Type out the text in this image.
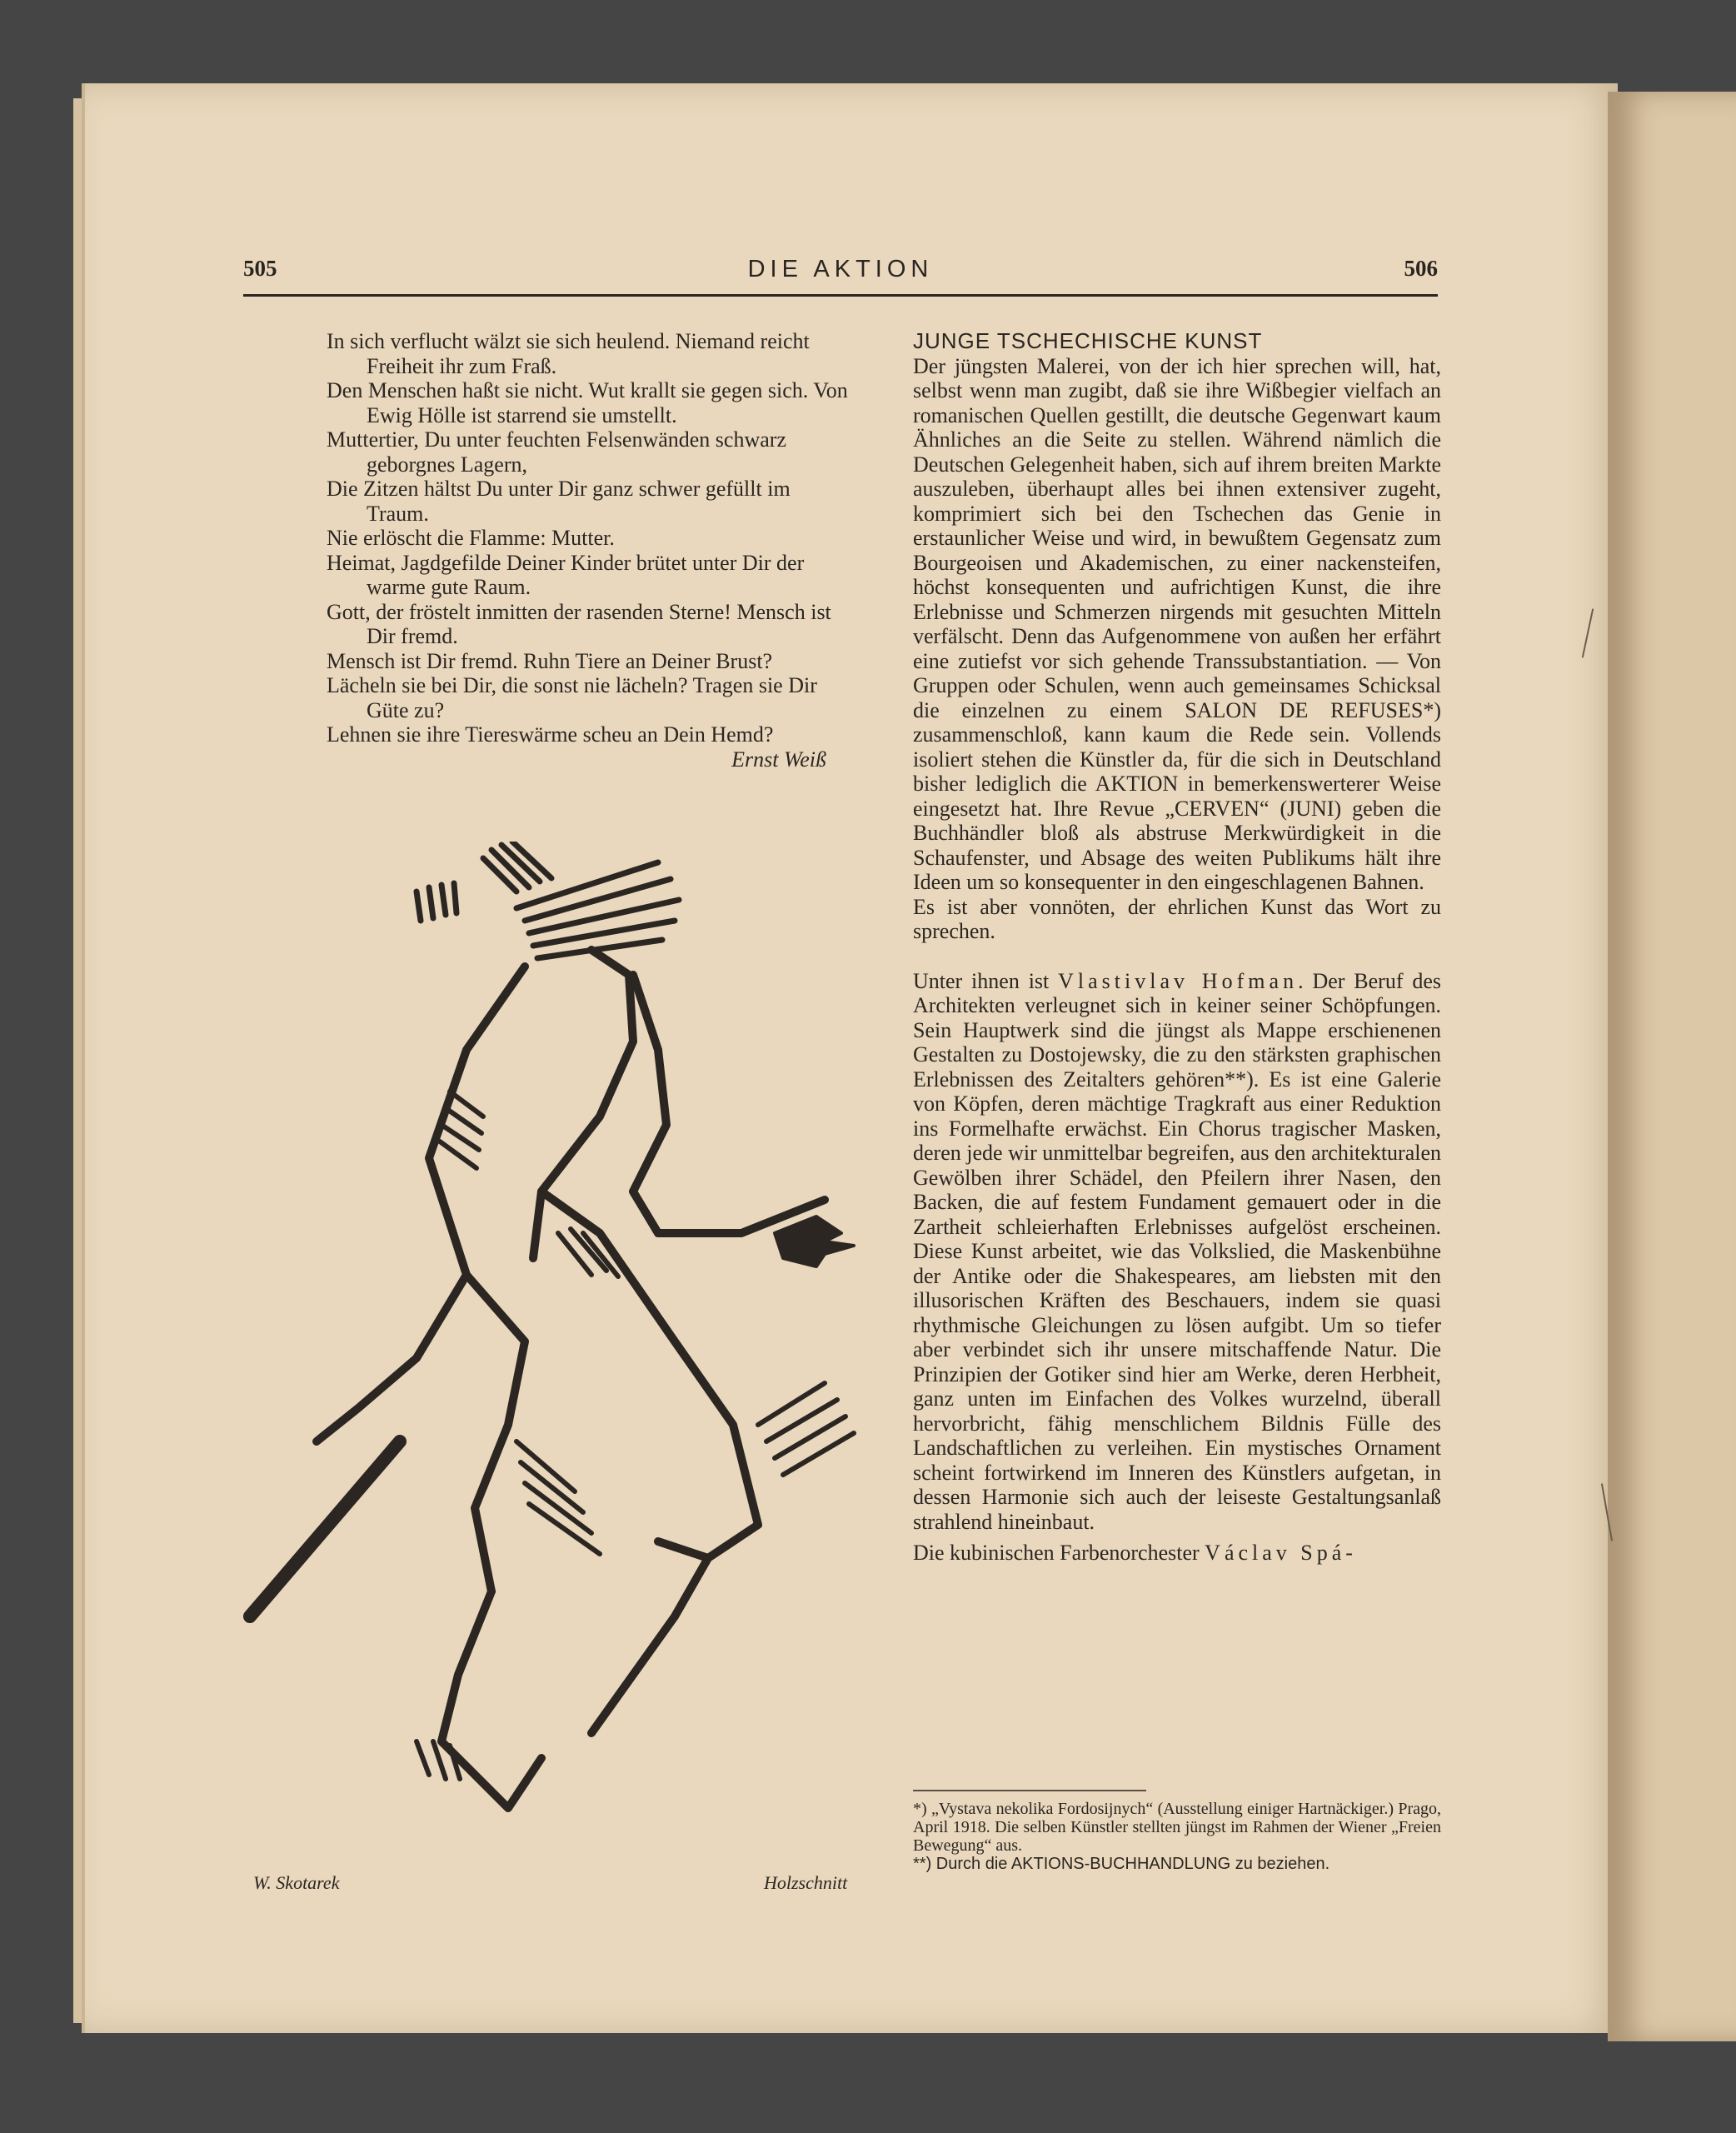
505	DIE AKTION	506
In sich verflucht wälzt sie sich heulend. Niemand reicht Freiheit ihr zum Fraß.
Den Menschen haßt sie nicht. Wut krallt sie gegen sich. Von Ewig Hölle ist starrend sie umstellt.
Muttertier, Du unter feuchten Felsenwänden schwarz geborgnes Lagern,
Die Zitzen hältst Du unter Dir ganz schwer gefüllt im Traum.
Nie erlöscht die Flamme: Mutter.
Heimat, Jagdgefilde Deiner Kinder brütet unter Dir der warme gute Raum.
Gott, der fröstelt inmitten der rasenden Sterne! Mensch ist Dir fremd.
Mensch ist Dir fremd. Ruhn Tiere an Deiner Brust?
Lächeln sie bei Dir, die sonst nie lächeln? Tragen sie Dir Güte zu?
Lehnen sie ihre Tiereswärme scheu an Dein Hemd?
Ernst Weiß
W. Skotarek	Holzschnitt
JUNGE TSCHECHISCHE KUNST

Der jüngsten Malerei, von der ich hier sprechen will, hat, selbst wenn man zugibt, daß sie ihre Wißbegier vielfach an romanischen Quellen gestillt, die deutsche Gegenwart kaum Ähnliches an die Seite zu stellen. Während nämlich die Deutschen Gelegenheit haben, sich auf ihrem breiten Markte auszuleben, überhaupt alles bei ihnen extensiver zugeht, komprimiert sich bei den Tschechen das Genie in erstaunlicher Weise und wird, in bewußtem Gegensatz zum Bourgeoisen und Akademischen, zu einer nackensteifen, höchst konsequenten und aufrichtigen Kunst, die ihre Erlebnisse und Schmerzen nirgends mit gesuchten Mitteln verfälscht. Denn das Aufgenommene von außen her erfährt eine zutiefst vor sich gehende Transsubstantiation. — Von Gruppen oder Schulen, wenn auch gemeinsames Schicksal die einzelnen zu einem SALON DE REFUSES*) zusammenschloß, kann kaum die Rede sein. Vollends isoliert stehen die Künstler da, für die sich in Deutschland bisher lediglich die AKTION in bemerkenswerterer Weise eingesetzt hat. Ihre Revue „CERVEN“ (JUNI) geben die Buchhändler bloß als abstruse Merkwürdigkeit in die Schaufenster, und Absage des weiten Publikums hält ihre Ideen um so konsequenter in den eingeschlagenen Bahnen.

Es ist aber vonnöten, der ehrlichen Kunst das Wort zu sprechen.

Unter ihnen ist Vlastivlav Hofman. Der Beruf des Architekten verleugnet sich in keiner seiner Schöpfungen. Sein Hauptwerk sind die jüngst als Mappe erschienenen Gestalten zu Dostojewsky, die zu den stärksten graphischen Erlebnissen des Zeitalters gehören**). Es ist eine Galerie von Köpfen, deren mächtige Tragkraft aus einer Reduktion ins Formelhafte erwächst. Ein Chorus tragischer Masken, deren jede wir unmittelbar begreifen, aus den architekturalen Gewölben ihrer Schädel, den Pfeilern ihrer Nasen, den Backen, die auf festem Fundament gemauert oder in die Zartheit schleierhaften Erlebnisses aufgelöst erscheinen. Diese Kunst arbeitet, wie das Volkslied, die Maskenbühne der Antike oder die Shakespeares, am liebsten mit den illusorischen Kräften des Beschauers, indem sie quasi rhythmische Gleichungen zu lösen aufgibt. Um so tiefer aber verbindet sich ihr unsere mitschaffende Natur. Die Prinzipien der Gotiker sind hier am Werke, deren Herbheit, ganz unten im Einfachen des Volkes wurzelnd, überall hervorbricht, fähig menschlichem Bildnis Fülle des Landschaftlichen zu verleihen. Ein mystisches Ornament scheint fortwirkend im Inneren des Künstlers aufgetan, in dessen Harmonie sich auch der leiseste Gestaltungsanlaß strahlend hineinbaut.

Die kubinischen Farbenorchester Václav Spá-

*) „Vystava nekolika Fordosijnych“ (Ausstellung einiger Hartnäckiger.) Prago, April 1918. Die selben Künstler stellten jüngst im Rahmen der Wiener „Freien Bewegung“ aus.
**) Durch die AKTIONS-BUCHHANDLUNG zu beziehen.
